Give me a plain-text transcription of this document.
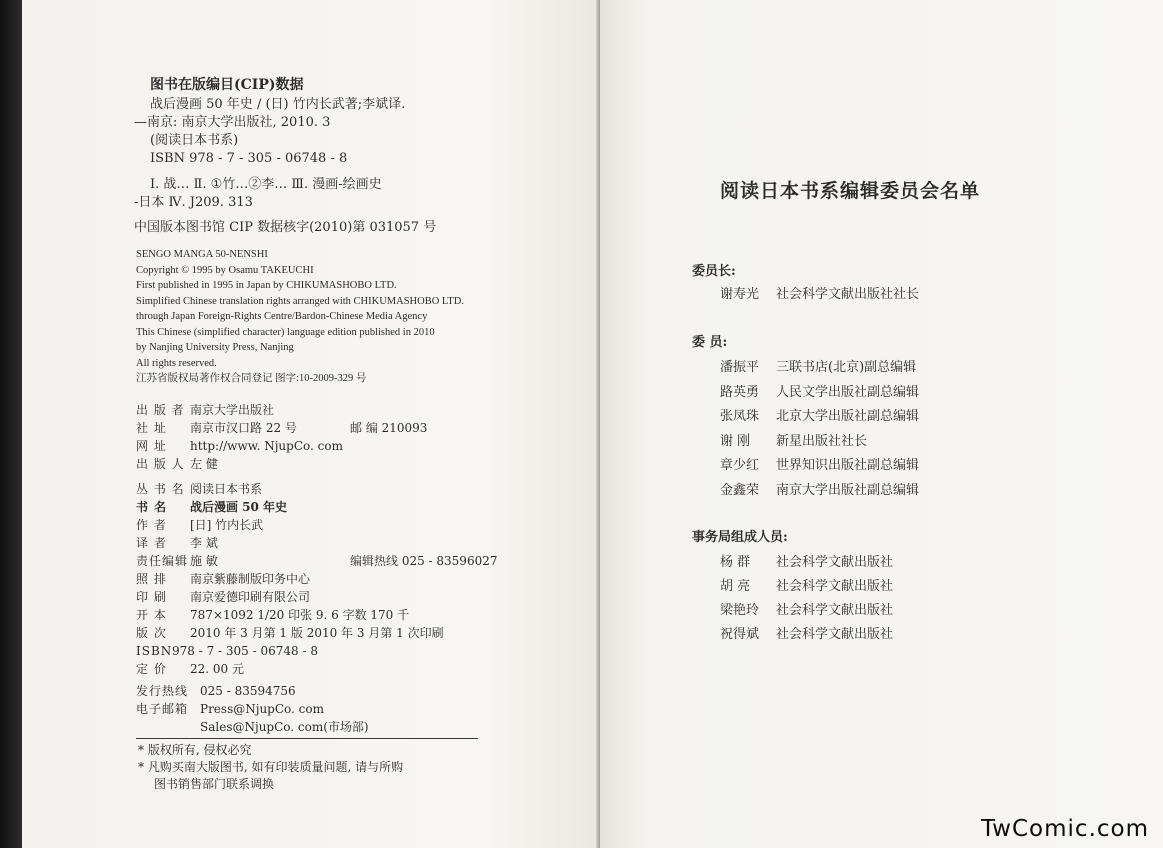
图书在版编目(CIP)数据
战后漫画 50 年史 / (日) 竹内长武著;李斌译.
—南京: 南京大学出版社, 2010. 3
(阅读日本书系)
ISBN 978 - 7 - 305 - 06748 - 8
Ⅰ. 战… Ⅱ. ①竹…②李… Ⅲ. 漫画-绘画史
-日本 Ⅳ. J209. 313
中国版本图书馆 CIP 数据核字(2010)第 031057 号
SENGO MANGA 50-NENSHI
Copyright © 1995 by Osamu TAKEUCHI
First published in 1995 in Japan by CHIKUMASHOBO LTD.
Simplified Chinese translation rights arranged with CHIKUMASHOBO LTD.
through Japan Foreign-Rights Centre/Bardon-Chinese Media Agency
This Chinese (simplified character) language edition published in 2010
by Nanjing University Press, Nanjing
All rights reserved.
江苏省版权局著作权合同登记 图字:10-2009-329 号
出 版 者 南京大学出版社
社 址	南京市汉口路 22 号	邮 编 210093
网 址	http://www. NjupCo. com
出 版 人 左 健
丛 书 名 阅读日本书系
书 名	战后漫画 50 年史
作 者	[日] 竹内长武
译 者	李 斌
责任编辑 施 敏	编辑热线 025 - 83596027
照 排	南京紫藤制版印务中心
印 刷	南京爱德印刷有限公司
开 本	787×1092 1/20 印张 9. 6 字数 170 千
版 次	2010 年 3 月第 1 版 2010 年 3 月第 1 次印刷
ISBN 978 - 7 - 305 - 06748 - 8
定 价	22. 00 元
发行热线 025 - 83594756
电子邮箱 Press@NjupCo. com
Sales@NjupCo. com(市场部)
* 版权所有, 侵权必究
* 凡购买南大版图书, 如有印装质量问题, 请与所购
图书销售部门联系调换
阅读日本书系编辑委员会名单
委员长:
谢寿光	社会科学文献出版社社长
委 员:
潘振平	三联书店(北京)副总编辑
路英勇	人民文学出版社副总编辑
张凤珠	北京大学出版社副总编辑
谢 刚	新星出版社社长
章少红	世界知识出版社副总编辑
金鑫荣	南京大学出版社副总编辑
事务局组成人员:
杨 群	社会科学文献出版社
胡 亮	社会科学文献出版社
梁艳玲	社会科学文献出版社
祝得斌	社会科学文献出版社
TwComic.com
